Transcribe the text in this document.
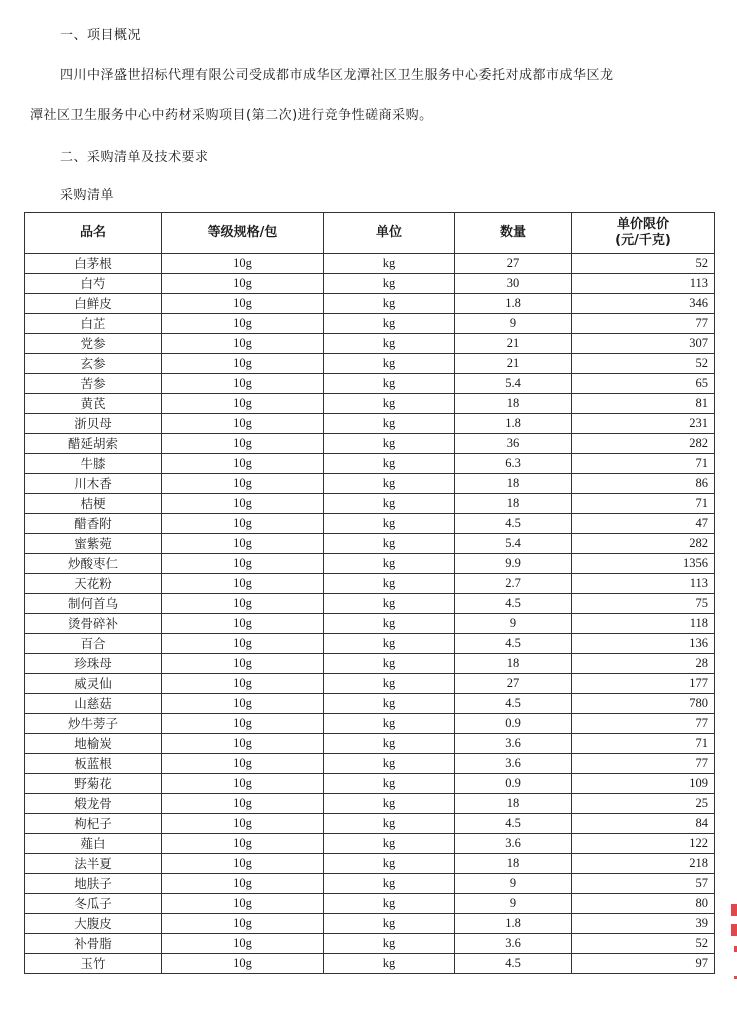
一、项目概况
四川中泽盛世招标代理有限公司受成都市成华区龙潭社区卫生服务中心委托对成都市成华区龙
潭社区卫生服务中心中药材采购项目(第二次)进行竞争性磋商采购。
二、采购清单及技术要求
采购清单
品名	等级规格/包	单位	数量	单价限价
(元/千克)

白茅根	10g	kg	27	52
白芍	10g	kg	30	113
白鲜皮	10g	kg	1.8	346
白芷	10g	kg	9	77
党参	10g	kg	21	307
玄参	10g	kg	21	52
苦参	10g	kg	5.4	65
黄芪	10g	kg	18	81
浙贝母	10g	kg	1.8	231
醋延胡索	10g	kg	36	282
牛膝	10g	kg	6.3	71
川木香	10g	kg	18	86
桔梗	10g	kg	18	71
醋香附	10g	kg	4.5	47
蜜紫菀	10g	kg	5.4	282
炒酸枣仁	10g	kg	9.9	1356
天花粉	10g	kg	2.7	113
制何首乌	10g	kg	4.5	75
烫骨碎补	10g	kg	9	118
百合	10g	kg	4.5	136
珍珠母	10g	kg	18	28
威灵仙	10g	kg	27	177
山慈菇	10g	kg	4.5	780
炒牛蒡子	10g	kg	0.9	77
地榆炭	10g	kg	3.6	71
板蓝根	10g	kg	3.6	77
野菊花	10g	kg	0.9	109
煅龙骨	10g	kg	18	25
枸杞子	10g	kg	4.5	84
薤白	10g	kg	3.6	122
法半夏	10g	kg	18	218
地肤子	10g	kg	9	57
冬瓜子	10g	kg	9	80
大腹皮	10g	kg	1.8	39
补骨脂	10g	kg	3.6	52
玉竹	10g	kg	4.5	97
